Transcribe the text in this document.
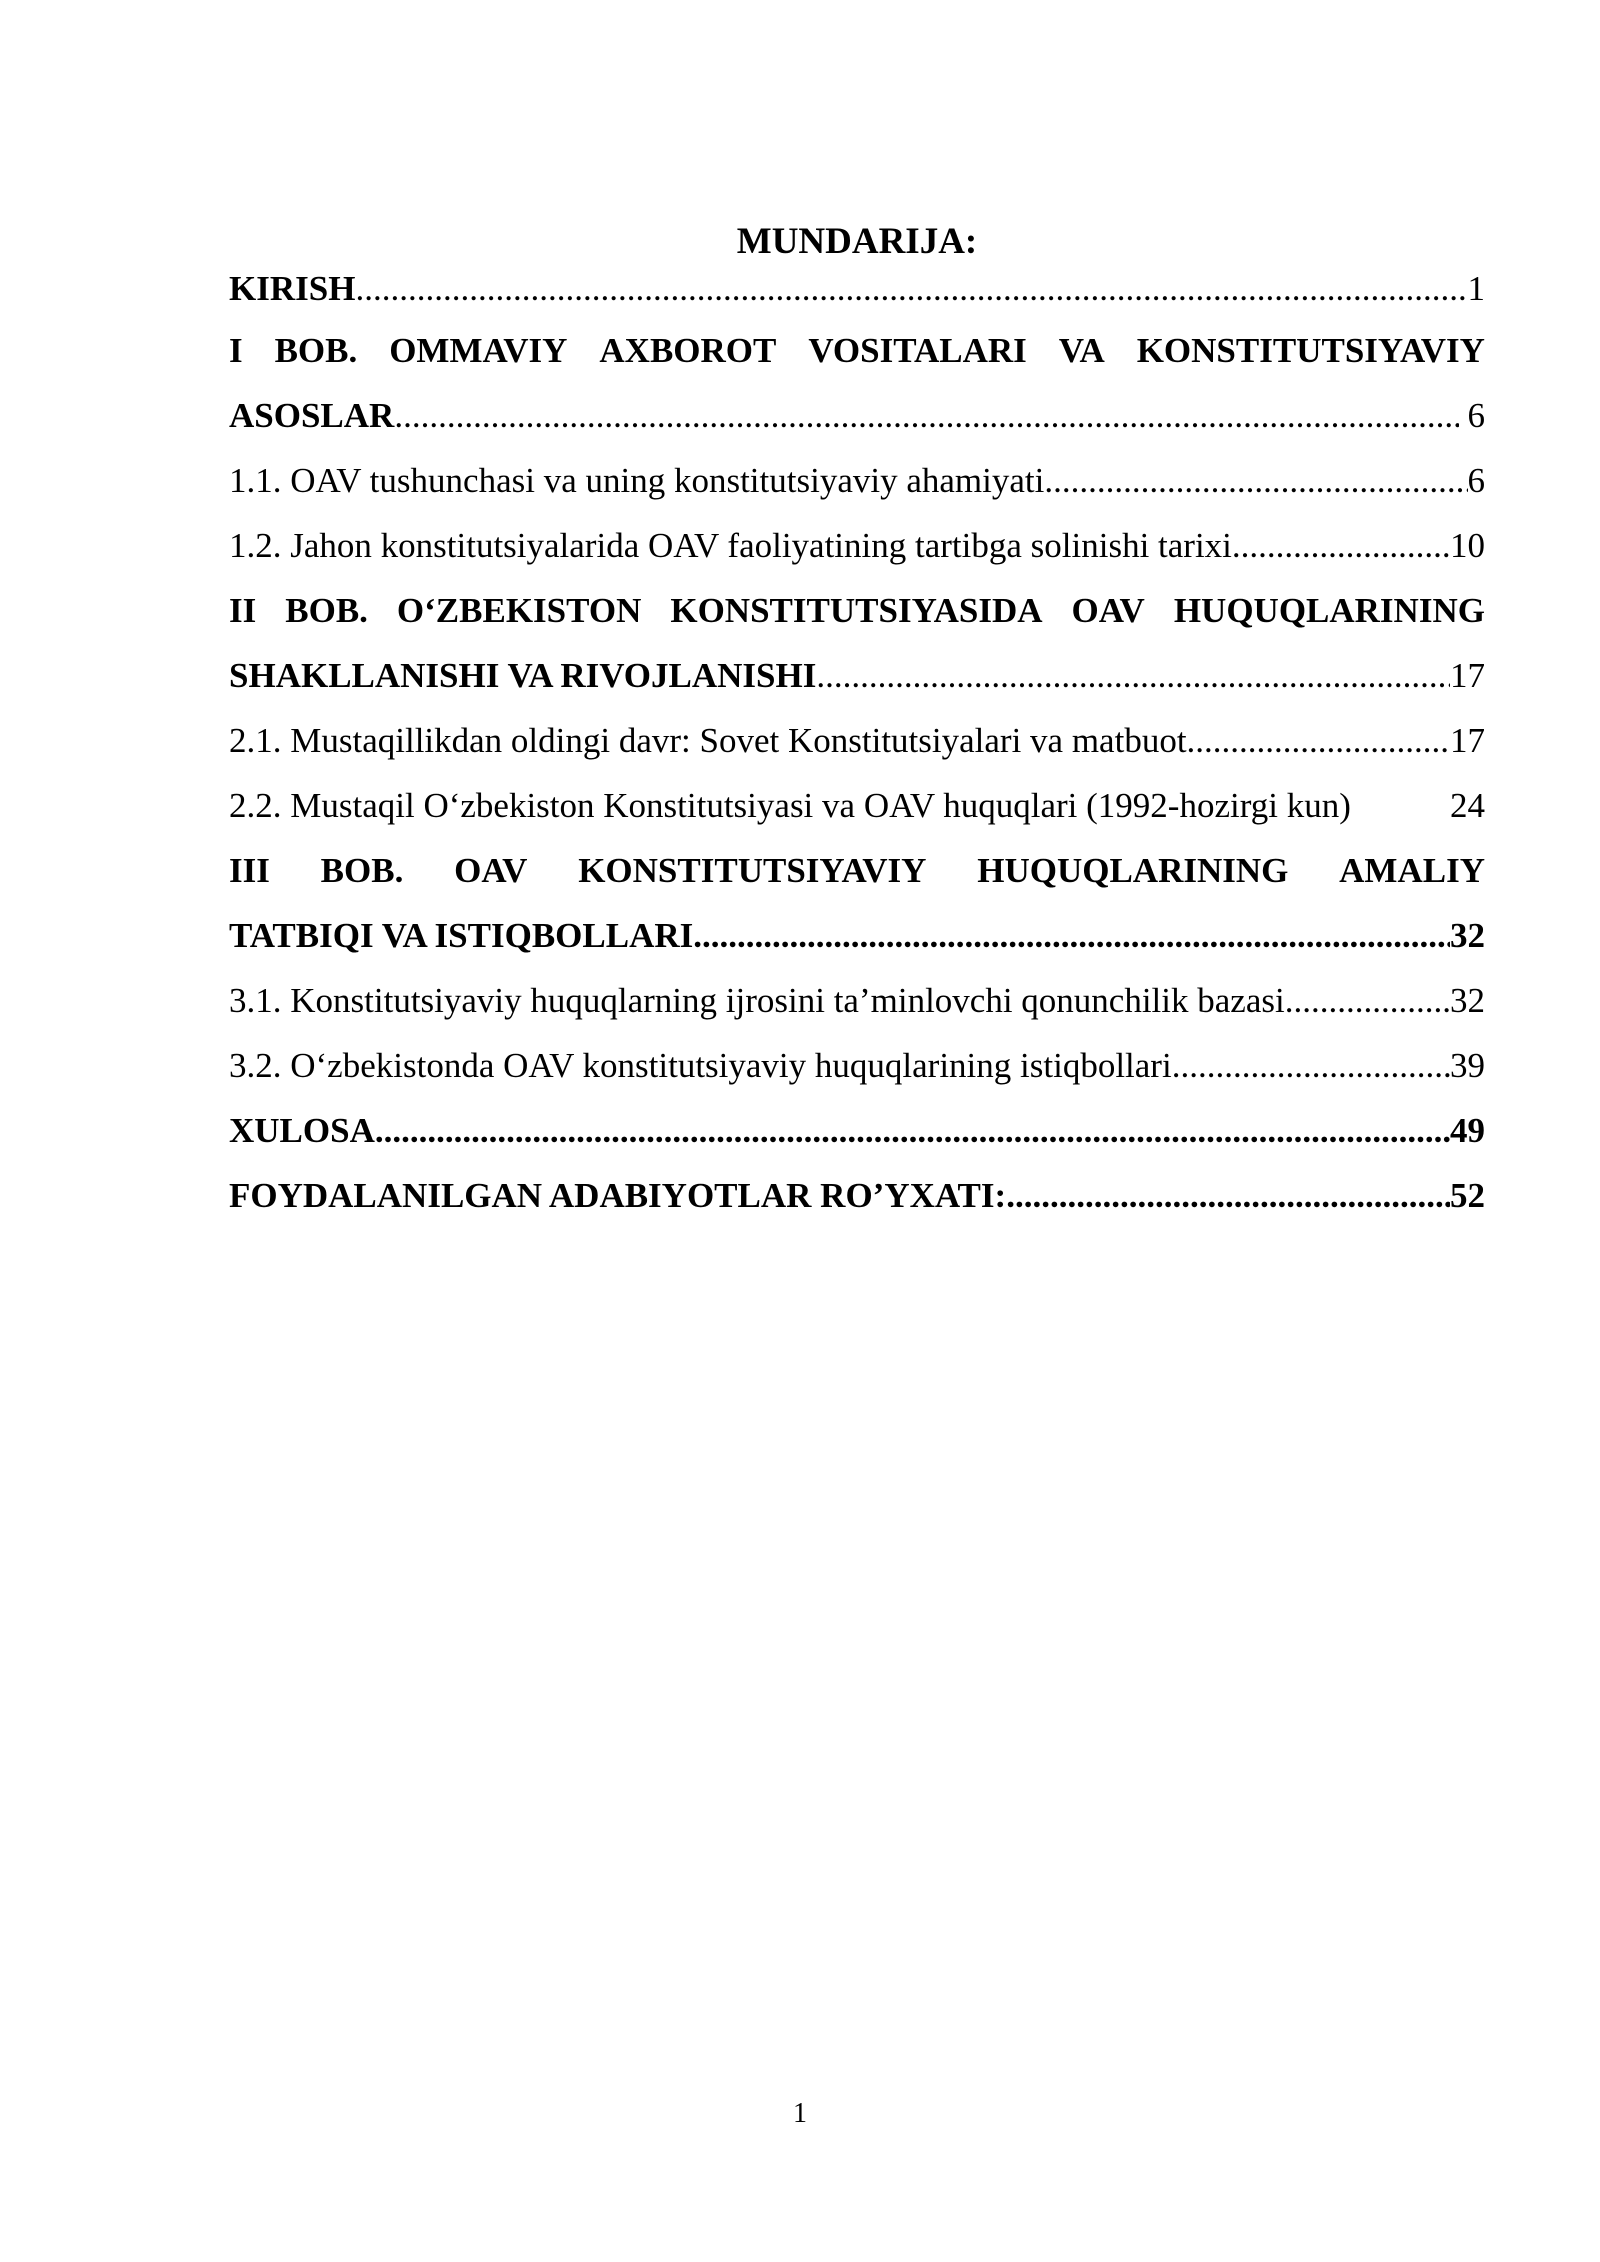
MUNDARIJA:
KIRISH .....	1
I BOB. OMMAVIY AXBOROT VOSITALARI VA KONSTITUTSIYAVIY
ASOSLAR .....	6
1.1. OAV tushunchasi va uning konstitutsiyaviy ahamiyati .....	6
1.2. Jahon konstitutsiyalarida OAV faoliyatining tartibga solinishi tarixi .....	10
II BOB. O‘ZBEKISTON KONSTITUTSIYASIDA OAV HUQUQLARINING
SHAKLLANISHI VA RIVOJLANISHI .....	17
2.1. Mustaqillikdan oldingi davr: Sovet Konstitutsiyalari va matbuot .....	17
2.2. Mustaqil O‘zbekiston Konstitutsiyasi va OAV huquqlari (1992-hozirgi kun)	24
III BOB. OAV KONSTITUTSIYAVIY HUQUQLARINING AMALIY
TATBIQI VA ISTIQBOLLARI .....	32
3.1. Konstitutsiyaviy huquqlarning ijrosini ta’minlovchi qonunchilik bazasi .....	32
3.2. O‘zbekistonda OAV konstitutsiyaviy huquqlarining istiqbollari .....	39
XULOSA .....	49
FOYDALANILGAN ADABIYOTLAR RO’YXATI: .....	52
1
